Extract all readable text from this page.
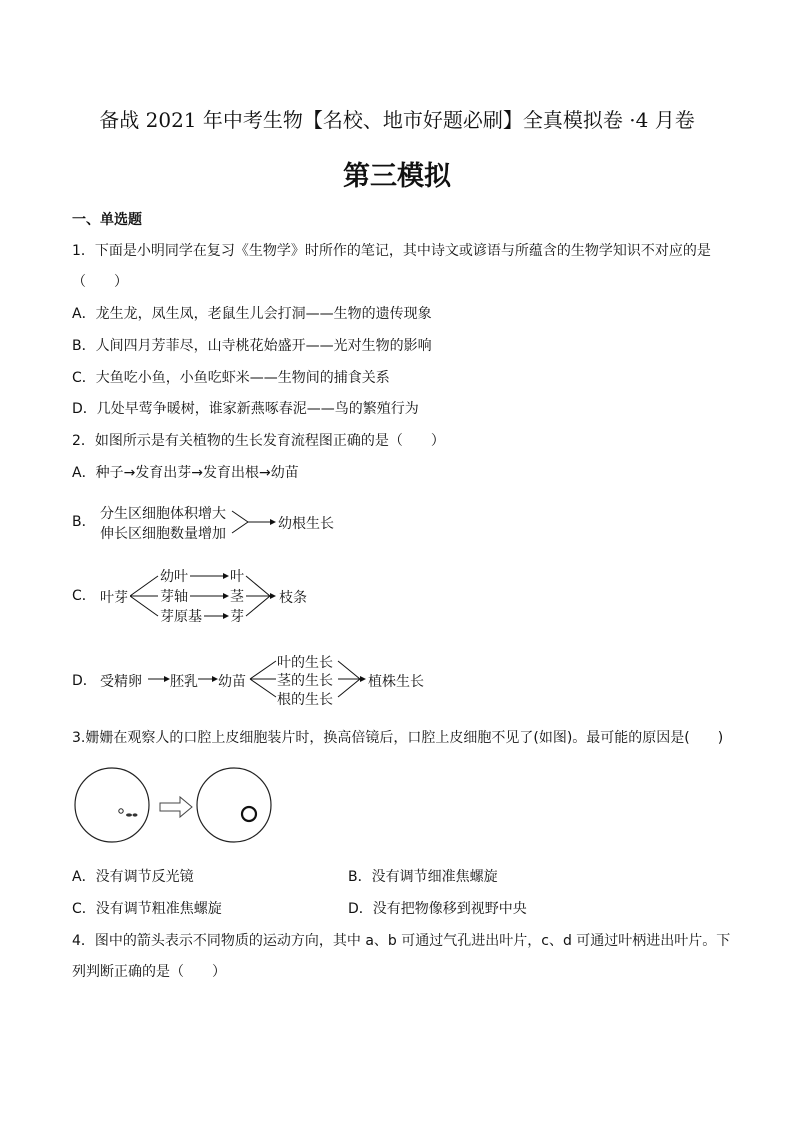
备战 2021 年中考生物【名校、地市好题必刷】全真模拟卷 ·4 月卷
第三模拟
一、单选题
1．下面是小明同学在复习《生物学》时所作的笔记，其中诗文或谚语与所蕴含的生物学知识不对应的是
（　　）
A．龙生龙，凤生凤，老鼠生儿会打洞——生物的遗传现象
B．人间四月芳菲尽，山寺桃花始盛开——光对生物的影响
C．大鱼吃小鱼，小鱼吃虾米——生物间的捕食关系
D．几处早莺争暖树，谁家新燕啄春泥——鸟的繁殖行为
2．如图所示是有关植物的生长发育流程图正确的是（　　）
A．种子→发育出芽→发育出根→幼苗
B． 分生区细胞体积增大
伸长区细胞数量增加
幼根生长
C． 叶芽
幼叶
芽轴
芽原基
叶
茎
芽
枝条
D． 受精卵 胚乳 幼苗
叶的生长
茎的生长
根的生长
植株生长
3.姗姗在观察人的口腔上皮细胞装片时，换高倍镜后，口腔上皮细胞不见了(如图)。最可能的原因是(　　)
A．没有调节反光镜	B．没有调节细准焦螺旋
C．没有调节粗准焦螺旋	D．没有把物像移到视野中央
4．图中的箭头表示不同物质的运动方向，其中 a、b 可通过气孔进出叶片，c、d 可通过叶柄进出叶片。下
列判断正确的是（　　）
